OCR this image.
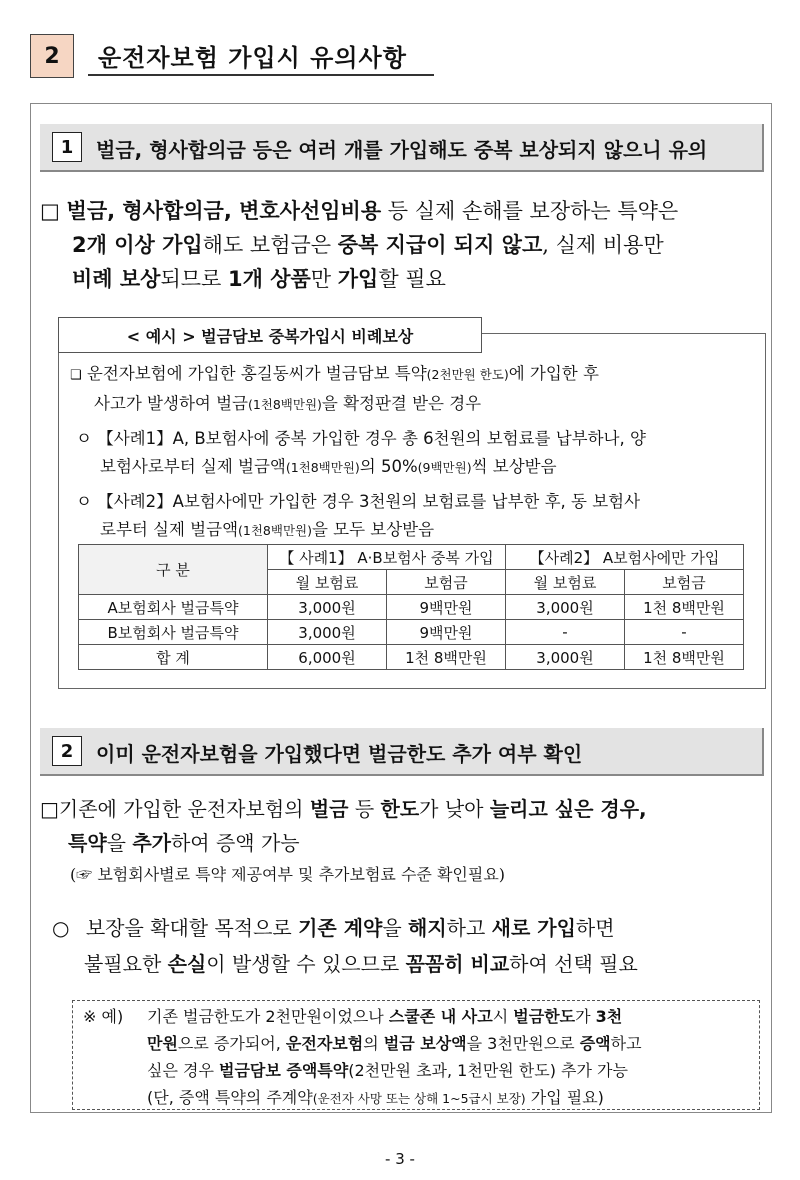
2	운전자보험 가입시 유의사항
1	벌금, 형사합의금 등은 여러 개를 가입해도 중복 보상되지 않으니 유의
□ 벌금, 형사합의금, 변호사선임비용 등 실제 손해를 보장하는 특약은
2개 이상 가입해도 보험금은 중복 지급이 되지 않고, 실제 비용만
비례 보상되므로 1개 상품만 가입할 필요
< 예시 > 벌금담보 중복가입시 비례보상
❑ 운전자보험에 가입한 홍길동씨가 벌금담보 특약(2천만원 한도)에 가입한 후
사고가 발생하여 벌금(1천8백만원)을 확정판결 받은 경우
ㅇ 【사례1】A, B보험사에 중복 가입한 경우 총 6천원의 보험료를 납부하나, 양
보험사로부터 실제 벌금액(1천8백만원)의 50%(9백만원)씩 보상받음
ㅇ 【사례2】A보험사에만 가입한 경우 3천원의 보험료를 납부한 후, 동 보험사
로부터 실제 벌금액(1천8백만원)을 모두 보상받음
구 분	【 사례1】 A·B보험사 중복 가입		【사례2】 A보험사에만 가입	
	월 보험료	보험금	월 보험료	보험금
A보험회사 벌금특약	3,000원	9백만원	3,000원	1천 8백만원
B보험회사 벌금특약	3,000원	9백만원	-	-
합 계	6,000원	1천 8백만원	3,000원	1천 8백만원
2	이미 운전자보험을 가입했다면 벌금한도 추가 여부 확인
□기존에 가입한 운전자보험의 벌금 등 한도가 낮아 늘리고 싶은 경우,
특약을 추가하여 증액 가능
(☞ 보험회사별로 특약 제공여부 및 추가보험료 수준 확인필요)
○ 보장을 확대할 목적으로 기존 계약을 해지하고 새로 가입하면
불필요한 손실이 발생할 수 있으므로 꼼꼼히 비교하여 선택 필요
※ 예) 기존 벌금한도가 2천만원이었으나 스쿨존 내 사고시 벌금한도가 3천
만원으로 증가되어, 운전자보험의 벌금 보상액을 3천만원으로 증액하고
싶은 경우 벌금담보 증액특약(2천만원 초과, 1천만원 한도) 추가 가능
(단, 증액 특약의 주계약(운전자 사망 또는 상해 1~5급시 보장) 가입 필요)
- 3 -
